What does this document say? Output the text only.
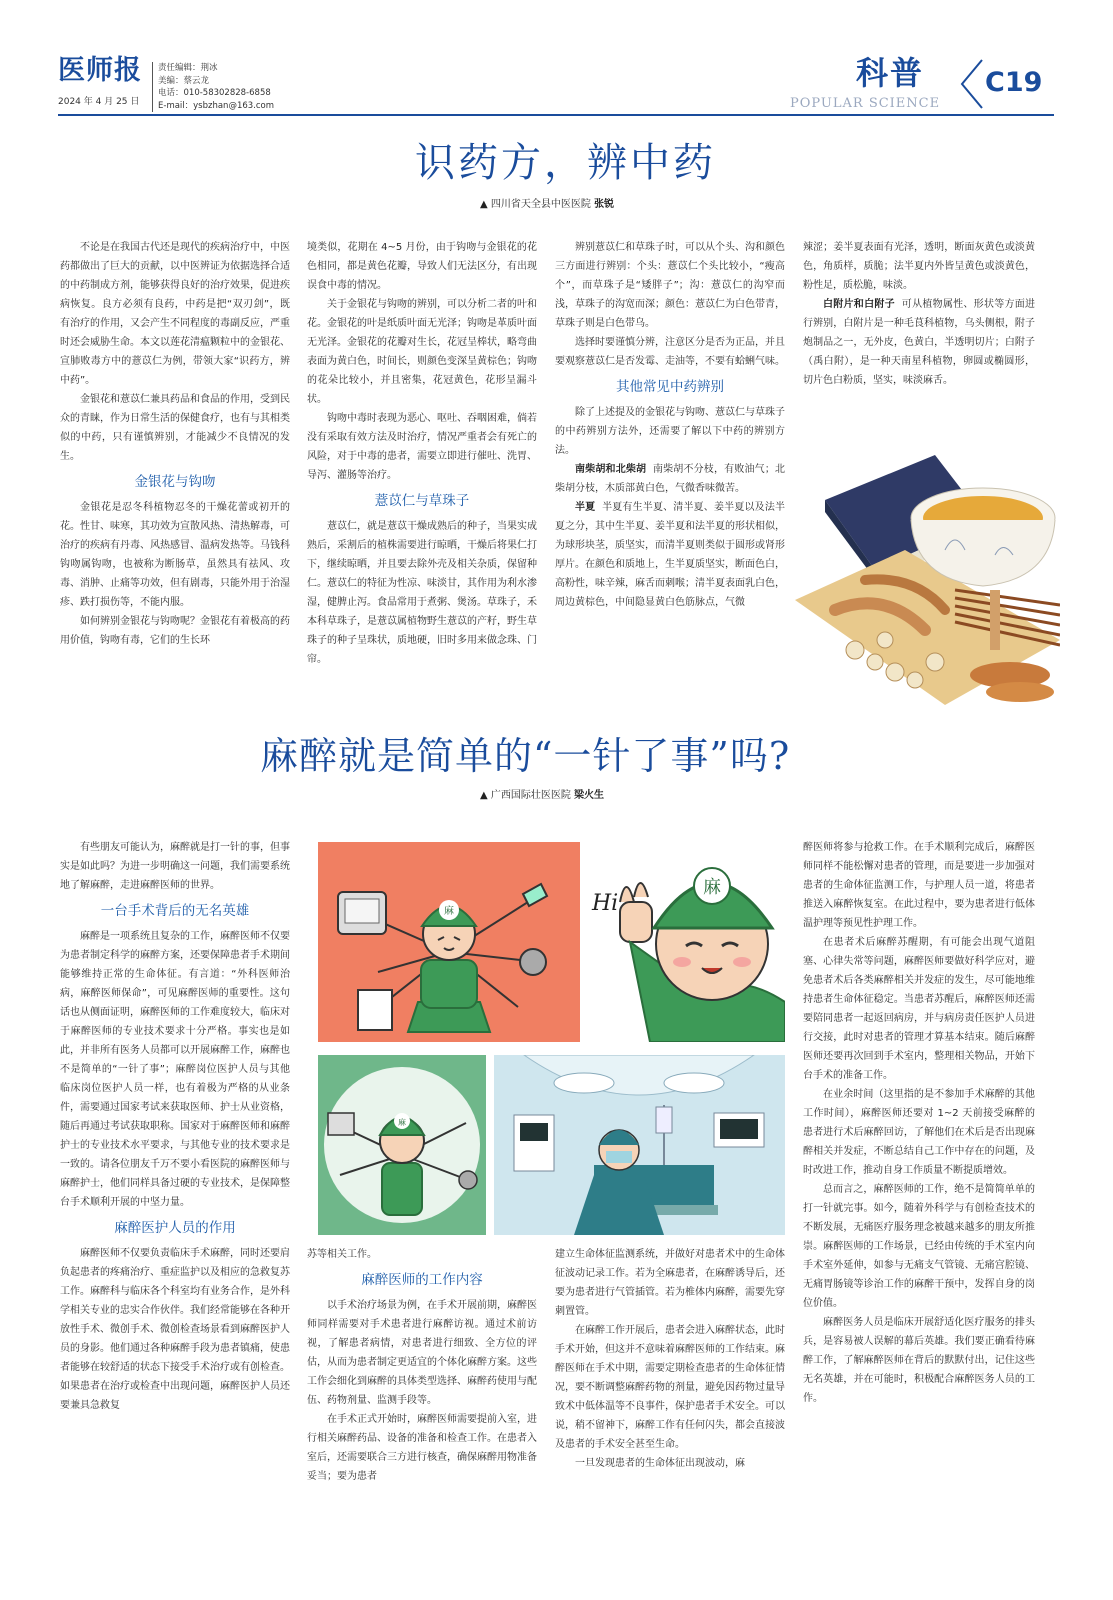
医师报
2024 年 4 月 25 日
责任编辑：荆冰
美编：蔡云龙
电话：010-58302828-6858
E-mail：ysbzhan@163.com
科普
POPULAR SCIENCE
C19
识药方，辨中药
▲ 四川省天全县中医医院 张锐

不论是在我国古代还是现代的疾病治疗中，中医药都做出了巨大的贡献，以中医辨证为依据选择合适的中药制成方剂，能够获得良好的治疗效果，促进疾病恢复。良方必须有良药，中药是把“双刃剑”，既有治疗的作用，又会产生不同程度的毒副反应，严重时还会威胁生命。本文以莲花清瘟颗粒中的金银花、宣肺败毒方中的薏苡仁为例，带领大家“识药方，辨中药”。

金银花和薏苡仁兼具药品和食品的作用，受到民众的青睐，作为日常生活的保健食疗，也有与其相类似的中药，只有谨慎辨别，才能减少不良情况的发生。

金银花与钩吻

金银花是忍冬科植物忍冬的干燥花蕾或初开的花。性甘、味寒，其功效为宣散风热、清热解毒，可治疗的疾病有丹毒、风热感冒、温病发热等。马钱科钩吻属钩吻，也被称为断肠草，虽然具有祛风、攻毒、消肿、止痛等功效，但有剧毒，只能外用于治湿疹、跌打损伤等，不能内服。

如何辨别金银花与钩吻呢？金银花有着极高的药用价值，钩吻有毒，它们的生长环

境类似，花期在 4~5 月份，由于钩吻与金银花的花色相同，都是黄色花瓣，导致人们无法区分，有出现误食中毒的情况。

关于金银花与钩吻的辨别，可以分析二者的叶和花。金银花的叶是纸质叶面无光泽；钩吻是革质叶面无光泽。金银花的花瓣对生长，花冠呈棒状，略弯曲表面为黄白色，时间长，则颜色变深呈黄棕色；钩吻的花朵比较小，并且密集，花冠黄色，花形呈漏斗状。

钩吻中毒时表现为恶心、呕吐、吞咽困难，倘若没有采取有效方法及时治疗，情况严重者会有死亡的风险，对于中毒的患者，需要立即进行催吐、洗胃、导泻、灌肠等治疗。

薏苡仁与草珠子

薏苡仁，就是薏苡干燥成熟后的种子，当果实成熟后，采割后的植株需要进行晾晒，干燥后将果仁打下，继续晾晒，并且要去除外壳及相关杂质，保留种仁。薏苡仁的特征为性凉、味淡甘，其作用为利水渗湿，健脾止泻。食品常用于煮粥、煲汤。草珠子，禾本科草珠子，是薏苡属植物野生薏苡的产籽，野生草珠子的种子呈珠状，质地硬，旧时多用来做念珠、门帘。

辨别薏苡仁和草珠子时，可以从个头、沟和颜色三方面进行辨别：个头：薏苡仁个头比较小，“瘦高个”，而草珠子是“矮胖子”；沟：薏苡仁的沟窄而浅，草珠子的沟宽而深；颜色：薏苡仁为白色带青，草珠子则是白色带乌。

选择时要谨慎分辨，注意区分是否为正品，并且要观察薏苡仁是否发霉、走油等，不要有蛤蜊气味。

其他常见中药辨别

除了上述提及的金银花与钩吻、薏苡仁与草珠子的中药辨别方法外，还需要了解以下中药的辨别方法。

南柴胡和北柴胡 南柴胡不分枝，有败油气；北柴胡分枝，木质部黄白色，气微香味微苦。

半夏 半夏有生半夏、清半夏、姜半夏以及法半夏之分，其中生半夏、姜半夏和法半夏的形状相似，为球形块茎，质坚实，而清半夏则类似于圆形或肾形厚片。在颜色和质地上，生半夏质坚实，断面色白，高粉性，味辛辣，麻舌而刺喉；清半夏表面乳白色，周边黄棕色，中间隐显黄白色筋脉点，气微

辣涩；姜半夏表面有光泽，透明，断面灰黄色或淡黄色，角质样，质脆；法半夏内外皆呈黄色或淡黄色，粉性足，质松脆，味淡。

白附片和白附子 可从植物属性、形状等方面进行辨别，白附片是一种毛茛科植物，乌头侧根，附子炮制品之一，无外皮，色黄白，半透明切片；白附子（禹白附），是一种天南星科植物，卵圆或椭圆形，切片色白粉质，坚实，味淡麻舌。

麻醉就是简单的“一针了事”吗?
▲ 广西国际壮医医院 梁火生

有些朋友可能认为，麻醉就是打一针的事，但事实是如此吗？为进一步明确这一问题，我们需要系统地了解麻醉，走进麻醉医师的世界。

一台手术背后的无名英雄

麻醉是一项系统且复杂的工作，麻醉医师不仅要为患者制定科学的麻醉方案，还要保障患者手术期间能够维持正常的生命体征。有言道：“外科医师治病，麻醉医师保命”，可见麻醉医师的重要性。这句话也从侧面证明，麻醉医师的工作难度较大，临床对于麻醉医师的专业技术要求十分严格。事实也是如此，并非所有医务人员都可以开展麻醉工作，麻醉也不是简单的“一针了事”；麻醉岗位医护人员与其他临床岗位医护人员一样，也有着极为严格的从业条件，需要通过国家考试来获取医师、护士从业资格，随后再通过考试获取职称。国家对于麻醉医师和麻醉护士的专业技术水平要求，与其他专业的技术要求是一致的。请各位朋友千万不要小看医院的麻醉医师与麻醉护士，他们同样具备过硬的专业技术，是保障整台手术顺利开展的中坚力量。

麻醉医护人员的作用

麻醉医师不仅要负责临床手术麻醉，同时还要肩负起患者的疼痛治疗、重症监护以及相应的急救复苏工作。麻醉科与临床各个科室均有业务合作，是外科学相关专业的忠实合作伙伴。我们经常能够在各种开放性手术、微创手术、微创检查场景看到麻醉医护人员的身影。他们通过各种麻醉手段为患者镇痛，使患者能够在较舒适的状态下接受手术治疗或有创检查。如果患者在治疗或检查中出现问题，麻醉医护人员还要兼具急救复

苏等相关工作。

麻醉医师的工作内容

以手术治疗场景为例，在手术开展前期，麻醉医师同样需要对手术患者进行麻醉访视。通过术前访视，了解患者病情，对患者进行细致、全方位的评估，从而为患者制定更适宜的个体化麻醉方案。这些工作会细化到麻醉的具体类型选择、麻醉药使用与配伍、药物剂量、监测手段等。

在手术正式开始时，麻醉医师需要提前入室，进行相关麻醉药品、设备的准备和检查工作。在患者入室后，还需要联合三方进行核查，确保麻醉用物准备妥当；要为患者

建立生命体征监测系统，并做好对患者术中的生命体征波动记录工作。若为全麻患者，在麻醉诱导后，还要为患者进行气管插管。若为椎体内麻醉，需要先穿刺置管。

在麻醉工作开展后，患者会进入麻醉状态，此时手术开始，但这并不意味着麻醉医师的工作结束。麻醉医师在手术中期，需要定期检查患者的生命体征情况，要不断调整麻醉药物的剂量，避免因药物过量导致术中低体温等不良事件，保护患者手术安全。可以说，稍不留神下，麻醉工作有任何闪失，都会直接波及患者的手术安全甚至生命。

一旦发现患者的生命体征出现波动，麻

醉医师将参与抢救工作。在手术顺利完成后，麻醉医师同样不能松懈对患者的管理，而是要进一步加强对患者的生命体征监测工作，与护理人员一道，将患者推送入麻醉恢复室。在此过程中，要为患者进行低体温护理等预见性护理工作。

在患者术后麻醉苏醒期，有可能会出现气道阻塞、心律失常等问题，麻醉医师要做好科学应对，避免患者术后各类麻醉相关并发症的发生，尽可能地维持患者生命体征稳定。当患者苏醒后，麻醉医师还需要陪同患者一起返回病房，并与病房责任医护人员进行交接，此时对患者的管理才算基本结束。随后麻醉医师还要再次回到手术室内，整理相关物品，开始下台手术的准备工作。

在业余时间（这里指的是不参加手术麻醉的其他工作时间），麻醉医师还要对 1~2 天前接受麻醉的患者进行术后麻醉回访，了解他们在术后是否出现麻醉相关并发症，不断总结自己工作中存在的问题，及时改进工作，推动自身工作质量不断提质增效。

总而言之，麻醉医师的工作，绝不是简简单单的打一针就完事。如今，随着外科学与有创检查技术的不断发展，无痛医疗服务理念被越来越多的朋友所推崇。麻醉医师的工作场景，已经由传统的手术室内向手术室外延伸，如参与无痛支气管镜、无痛宫腔镜、无痛胃肠镜等诊治工作的麻醉干预中，发挥自身的岗位价值。

麻醉医务人员是临床开展舒适化医疗服务的排头兵，是容易被人误解的幕后英雄。我们要正确看待麻醉工作，了解麻醉医师在背后的默默付出，记住这些无名英雄，并在可能时，积极配合麻醉医务人员的工作。

麻	Hi
麻
麻
